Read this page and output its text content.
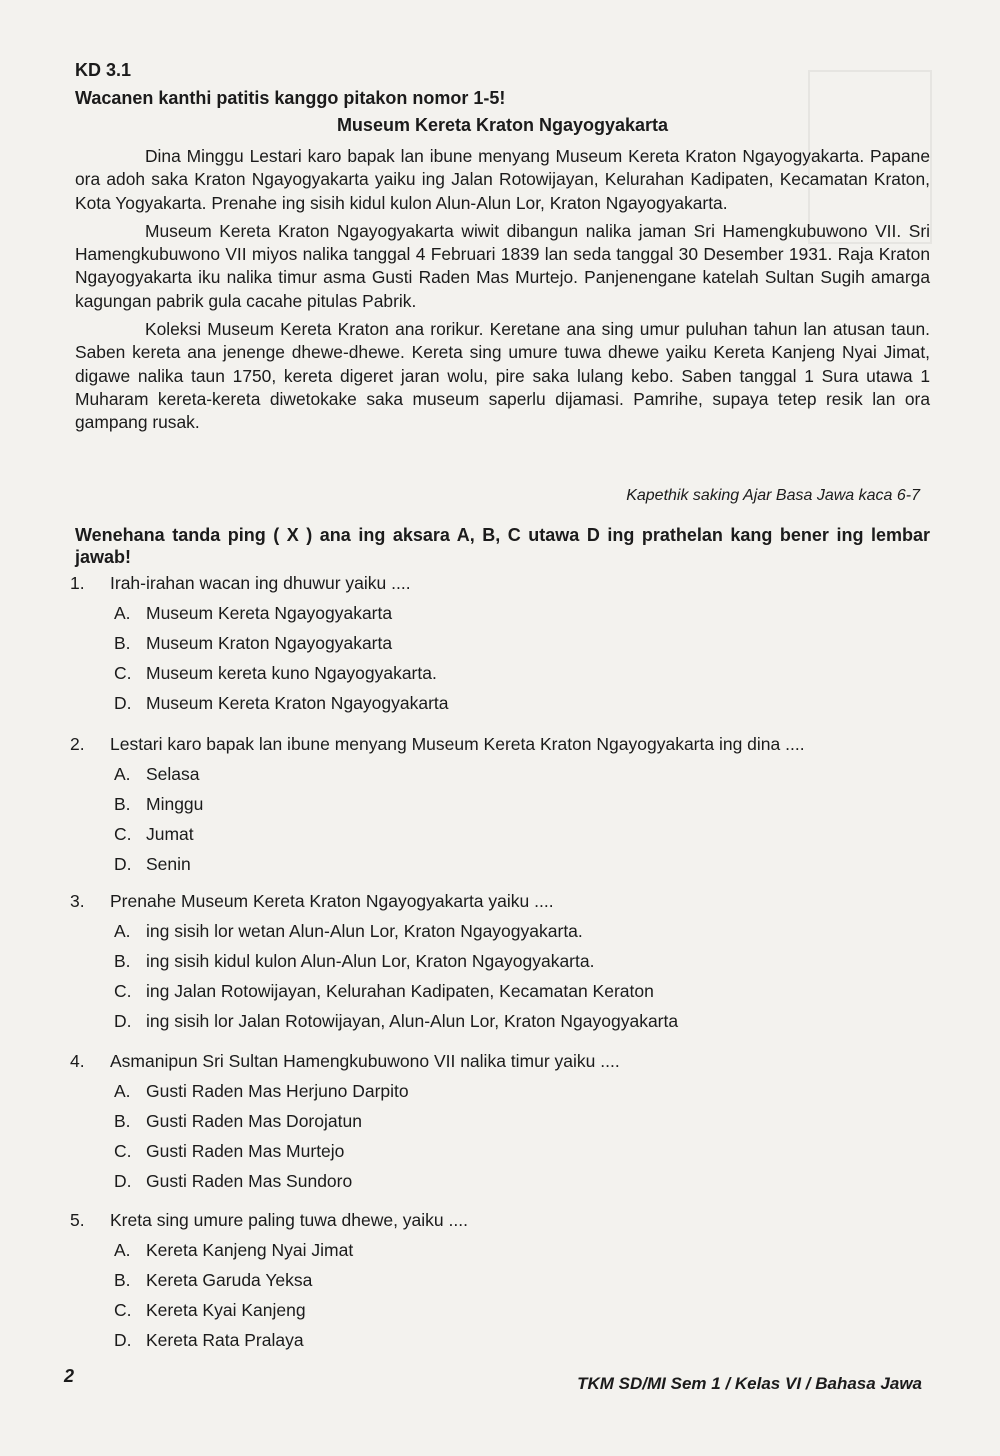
KD 3.1
Wacanen kanthi patitis kanggo pitakon nomor 1-5!
Museum Kereta Kraton Ngayogyakarta

Dina Minggu Lestari karo bapak lan ibune menyang Museum Kereta Kraton Ngayogyakarta. Papane ora adoh saka Kraton Ngayogyakarta yaiku ing Jalan Rotowijayan, Kelurahan Kadipaten, Kecamatan Kraton, Kota Yogyakarta. Prenahe ing sisih kidul kulon Alun-Alun Lor, Kraton Ngayogyakarta.

Museum Kereta Kraton Ngayogyakarta wiwit dibangun nalika jaman Sri Hamengkubuwono VII. Sri Hamengkubuwono VII miyos nalika tanggal 4 Februari 1839 lan seda tanggal 30 Desember 1931. Raja Kraton Ngayogyakarta iku nalika timur asma Gusti Raden Mas Murtejo. Panjenengane katelah Sultan Sugih amarga kagungan pabrik gula cacahe pitulas Pabrik.

Koleksi Museum Kereta Kraton ana rorikur. Keretane ana sing umur puluhan tahun lan atusan taun. Saben kereta ana jenenge dhewe-dhewe. Kereta sing umure tuwa dhewe yaiku Kereta Kanjeng Nyai Jimat, digawe nalika taun 1750, kereta digeret jaran wolu, pire saka lulang kebo. Saben tanggal 1 Sura utawa 1 Muharam kereta-kereta diwetokake saka museum saperlu dijamasi. Pamrihe, supaya tetep resik lan ora gampang rusak.

Kapethik saking Ajar Basa Jawa kaca 6-7
Wenehana tanda ping ( X ) ana ing aksara A, B, C utawa D ing prathelan kang bener ing lembar jawab!
1.	Irah-irahan wacan ing dhuwur yaiku ....
A. Museum Kereta Ngayogyakarta
B. Museum Kraton Ngayogyakarta
C. Museum kereta kuno Ngayogyakarta.
D. Museum Kereta Kraton Ngayogyakarta
2.	Lestari karo bapak lan ibune menyang Museum Kereta Kraton Ngayogyakarta ing dina ....
A. Selasa
B. Minggu
C. Jumat
D. Senin
3.	Prenahe Museum Kereta Kraton Ngayogyakarta yaiku ....
A. ing sisih lor wetan Alun-Alun Lor, Kraton Ngayogyakarta.
B. ing sisih kidul kulon Alun-Alun Lor, Kraton Ngayogyakarta.
C. ing Jalan Rotowijayan, Kelurahan Kadipaten, Kecamatan Keraton
D. ing sisih lor Jalan Rotowijayan, Alun-Alun Lor, Kraton Ngayogyakarta
4.	Asmanipun Sri Sultan Hamengkubuwono VII nalika timur yaiku ....
A. Gusti Raden Mas Herjuno Darpito
B. Gusti Raden Mas Dorojatun
C. Gusti Raden Mas Murtejo
D. Gusti Raden Mas Sundoro
5.	Kreta sing umure paling tuwa dhewe, yaiku ....
A. Kereta Kanjeng Nyai Jimat
B. Kereta Garuda Yeksa
C. Kereta Kyai Kanjeng
D. Kereta Rata Pralaya
2	TKM SD/MI Sem 1 / Kelas VI / Bahasa Jawa
